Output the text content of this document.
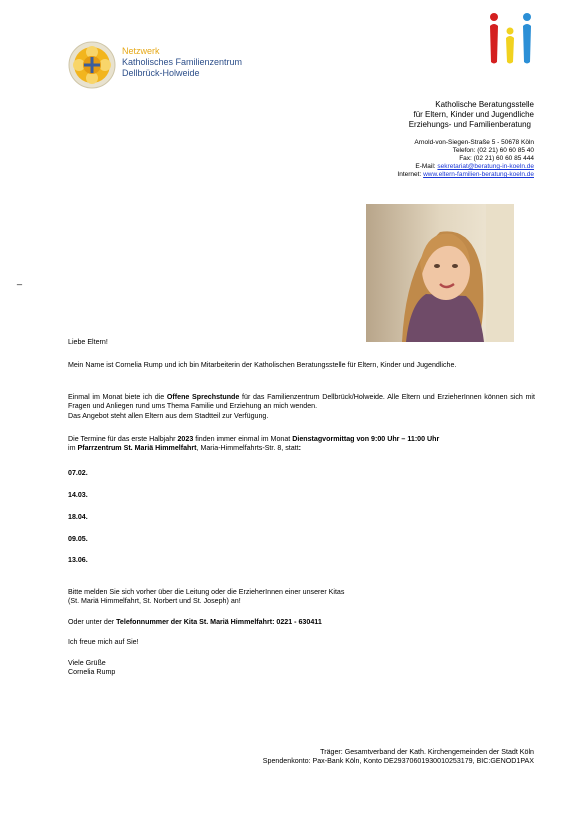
Netzwerk
Katholisches Familienzentrum
Dellbrück-Holweide
Katholische Beratungsstelle
für Eltern, Kinder und Jugendliche
Erziehungs- und Familienberatung
Arnold-von-Siegen-Straße 5 - 50678 Köln
Telefon: (02 21) 60 60 85 40
Fax: (02 21) 60 60 85 444
E-Mail: sekretariat@beratung-in-koeln.de
Internet: www.eltern-familien-beratung-koeln.de
_
Liebe Eltern!
Mein Name ist Cornelia Rump und ich bin Mitarbeiterin der Katholischen Beratungsstelle für Eltern, Kinder und Jugendliche.
Einmal im Monat biete ich die Offene Sprechstunde für das Familienzentrum Dellbrück/Holweide. Alle Eltern und ErzieherInnen können sich mit Fragen und Anliegen rund ums Thema Familie und Erziehung an mich wenden.
Das Angebot steht allen Eltern aus dem Stadtteil zur Verfügung.
Die Termine für das erste Halbjahr 2023 finden immer einmal im Monat Dienstagvormittag von 9:00 Uhr – 11:00 Uhr
im Pfarrzentrum St. Mariä Himmelfahrt, Maria-Himmelfahrts-Str. 8, statt:
07.02.
14.03.
18.04.
09.05.
13.06.
Bitte melden Sie sich vorher über die Leitung oder die ErzieherInnen einer unserer Kitas
(St. Mariä Himmelfahrt, St. Norbert und St. Joseph) an!
Oder unter der Telefonnummer der Kita St. Mariä Himmelfahrt: 0221 - 630411
Ich freue mich auf Sie!
Viele Grüße
Cornelia Rump
Träger: Gesamtverband der Kath. Kirchengemeinden der Stadt Köln
Spendenkonto: Pax-Bank Köln, Konto DE29370601930010253179, BIC:GENOD1PAX
